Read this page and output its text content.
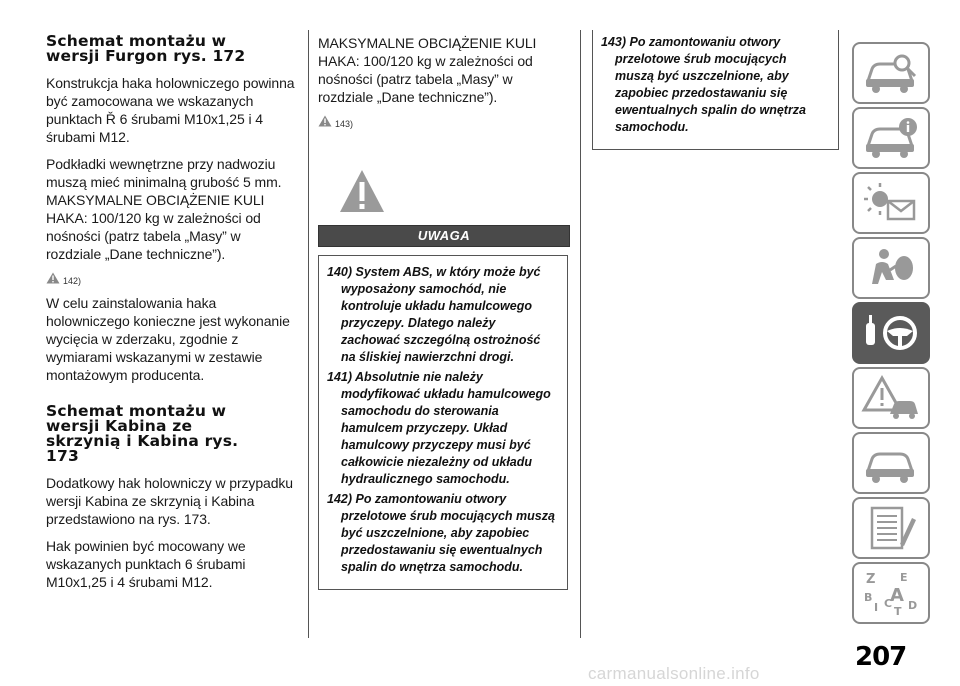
Schemat montażu w
wersji Furgon rys. 172

Konstrukcja haka holowniczego powinna być zamocowana we wskazanych punktach Ř 6 śrubami M10x1,25 i 4 śrubami M12.

Podkładki wewnętrzne przy nadwoziu muszą mieć minimalną grubość 5 mm. MAKSYMALNE OBCIĄŻENIE KULI HAKA: 100/120 kg w zależności od nośności (patrz tabela „Masy” w rozdziale „Dane techniczne”).

142)

W celu zainstalowania haka holowniczego konieczne jest wykonanie wycięcia w zderzaku, zgodnie z wymiarami wskazanymi w zestawie montażowym producenta.

Schemat montażu w
wersji Kabina ze
skrzynią i Kabina rys.
173

Dodatkowy hak holowniczy w przypadku wersji Kabina ze skrzynią i Kabina przedstawiono na rys. 173.

Hak powinien być mocowany we wskazanych punktach 6 śrubami M10x1,25 i 4 śrubami M12.

MAKSYMALNE OBCIĄŻENIE KULI HAKA: 100/120 kg w zależności od nośności (patrz tabela „Masy” w rozdziale „Dane techniczne”).

143)
UWAGA

140) System ABS, w który może być wyposażony samochód, nie kontroluje układu hamulcowego przyczepy. Dlatego należy zachować szczególną ostrożność na śliskiej nawierzchni drogi.

141) Absolutnie nie należy modyfikować układu hamulcowego samochodu do sterowania hamulcem przyczepy. Układ hamulcowy przyczepy musi być całkowicie niezależny od układu hydraulicznego samochodu.

142) Po zamontowaniu otwory przelotowe śrub mocujących muszą być uszczelnione, aby zapobiec przedostawaniu się ewentualnych spalin do wnętrza samochodu.

143) Po zamontowaniu otwory przelotowe śrub mocujących muszą być uszczelnione, aby zapobiec przedostawaniu się ewentualnych spalin do wnętrza samochodu.

Z E
B A
I C
T D
207
carmanualsonline.info
